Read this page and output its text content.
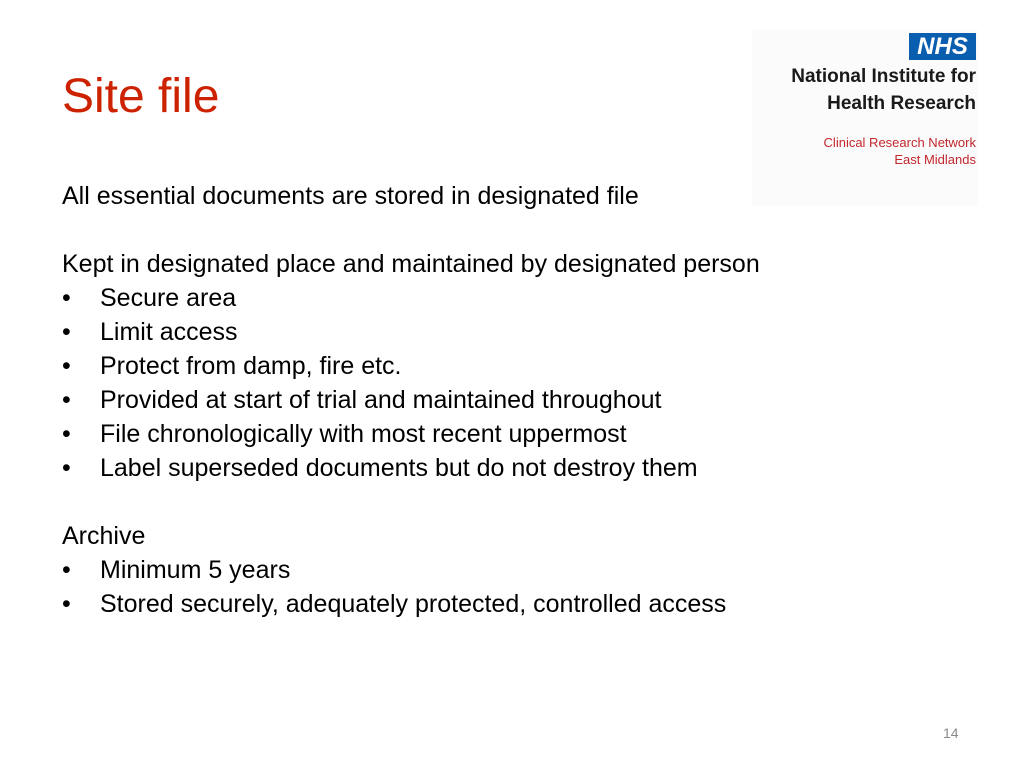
Site file
NHS
National Institute for
Health Research
Clinical Research Network
East Midlands

All essential documents are stored in designated file

Kept in designated place and maintained by designated person

• Secure area
• Limit access
• Protect from damp, fire etc.
• Provided at start of trial and maintained throughout
• File chronologically with most recent uppermost
• Label superseded documents but do not destroy them

Archive

• Minimum 5 years
• Stored securely, adequately protected, controlled access
14
